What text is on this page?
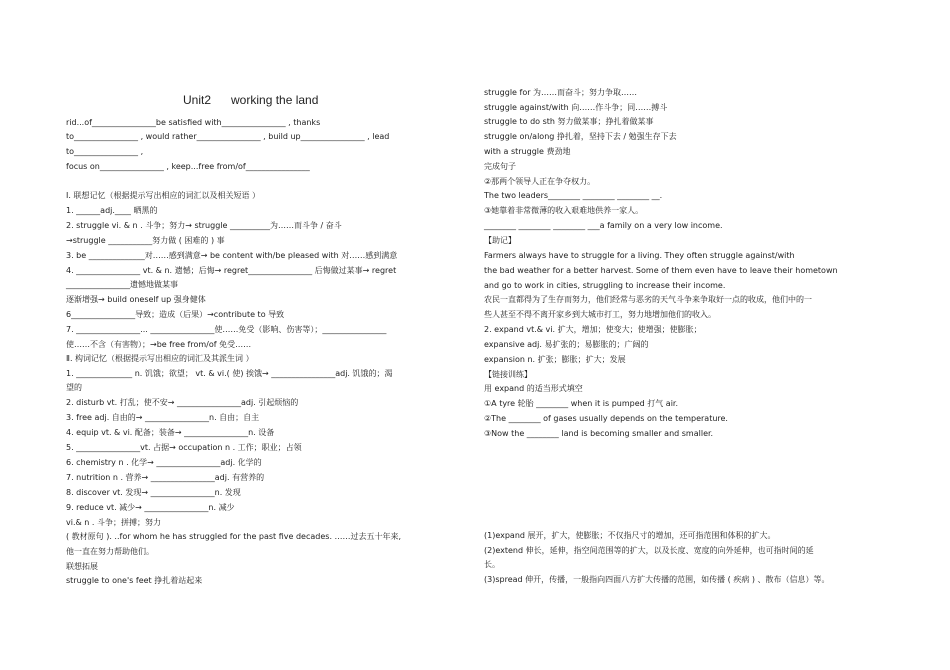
Unit2      working the land
rid...of________________be satisfied with________________ , thanks
to________________ , would rather________________ , build up________________ , lead
to________________ ,
focus on________________ , keep...free from/of________________
Ⅰ. 联想记忆（根据提示写出相应的词汇以及相关短语 ）
1. ______adj.____ 晒黑的
2. struggle vi. & n . 斗争；努力→ struggle __________为……而斗争 / 奋斗
→struggle ___________努力做 ( 困难的 ) 事
3. be ______________对……感到满意→ be content with/be pleased with 对……感到满意
4. ________________ vt. & n. 遗憾；后悔→ regret________________ 后悔做过某事→ regret
________________遗憾地做某事
逐渐增强→ build oneself up 强身健体
6________________导致；造成（后果）→contribute to 导致
7. ________________... ________________使……免受（影响、伤害等）；________________
使……不含（有害物）；→be free from/of 免受……
Ⅱ. 构词记忆（根据提示写出相应的词汇及其派生词 ）
1. ______________ n. 饥饿；欲望； vt. & vi.( 使) 挨饿→ ________________adj. 饥饿的；渴
望的
2. disturb vt. 打乱；使不安→ ________________adj. 引起烦恼的
3. free adj. 自由的→ ________________n. 自由；自主
4. equip vt. & vi. 配备；装备→ ________________n. 设备
5. ________________vt. 占据→ occupation n . 工作；职业；占领
6. chemistry n . 化学→ ________________adj. 化学的
7. nutrition n . 营养→ ________________adj. 有营养的
8. discover vt. 发现→ ________________n. 发现
9. reduce vt. 减少→ ________________n. 减少
vi.& n . 斗争；拼搏；努力
( 教材原句 ). ..for whom he has struggled for the past five decades. ……过去五十年来,
他一直在努力帮助他们。
联想拓展
struggle to one's feet 挣扎着站起来
struggle for 为……而奋斗；努力争取……
struggle against/with 向……作斗争；同……搏斗
struggle to do sth 努力做某事；挣扎着做某事
struggle on/along 挣扎着，坚持下去 / 勉强生存下去
with a struggle 费劲地
完成句子
②那两个领导人正在争夺权力。
The two leaders________ ________ ________ __.
③她靠着非常微薄的收入艰难地供养一家人。
________ ________ ________ ___a family on a very low income.
【助记】
Farmers always have to struggle for a living. They often struggle against/with
the bad weather for a better harvest. Some of them even have to leave their hometown
and go to work in cities, struggling to increase their income.
农民一直都得为了生存而努力，他们经常与恶劣的天气斗争来争取好一点的收成，他们中的一
些人甚至不得不离开家乡到大城市打工，努力地增加他们的收入。
2. expand vt.& vi. 扩大，增加；使变大；使增强；使膨胀；
expansive adj. 易扩张的；易膨胀的；广阔的
expansion n. 扩张；膨胀；扩大；发展
【链接训练】
用 expand 的适当形式填空
①A tyre 轮胎 ________ when it is pumped 打气 air.
②The ________ of gases usually depends on the temperature.
③Now the ________ land is becoming smaller and smaller.
(1)expand 展开，扩大，使膨胀；不仅指尺寸的增加，还可指范围和体积的扩大。
(2)extend 伸长，延伸，指空间范围等的扩大，以及长度、宽度的向外延伸，也可指时间的延
长。
(3)spread 伸开，传播，一般指向四面八方扩大传播的范围，如传播 ( 疾病 ) 、散布（信息）等。
